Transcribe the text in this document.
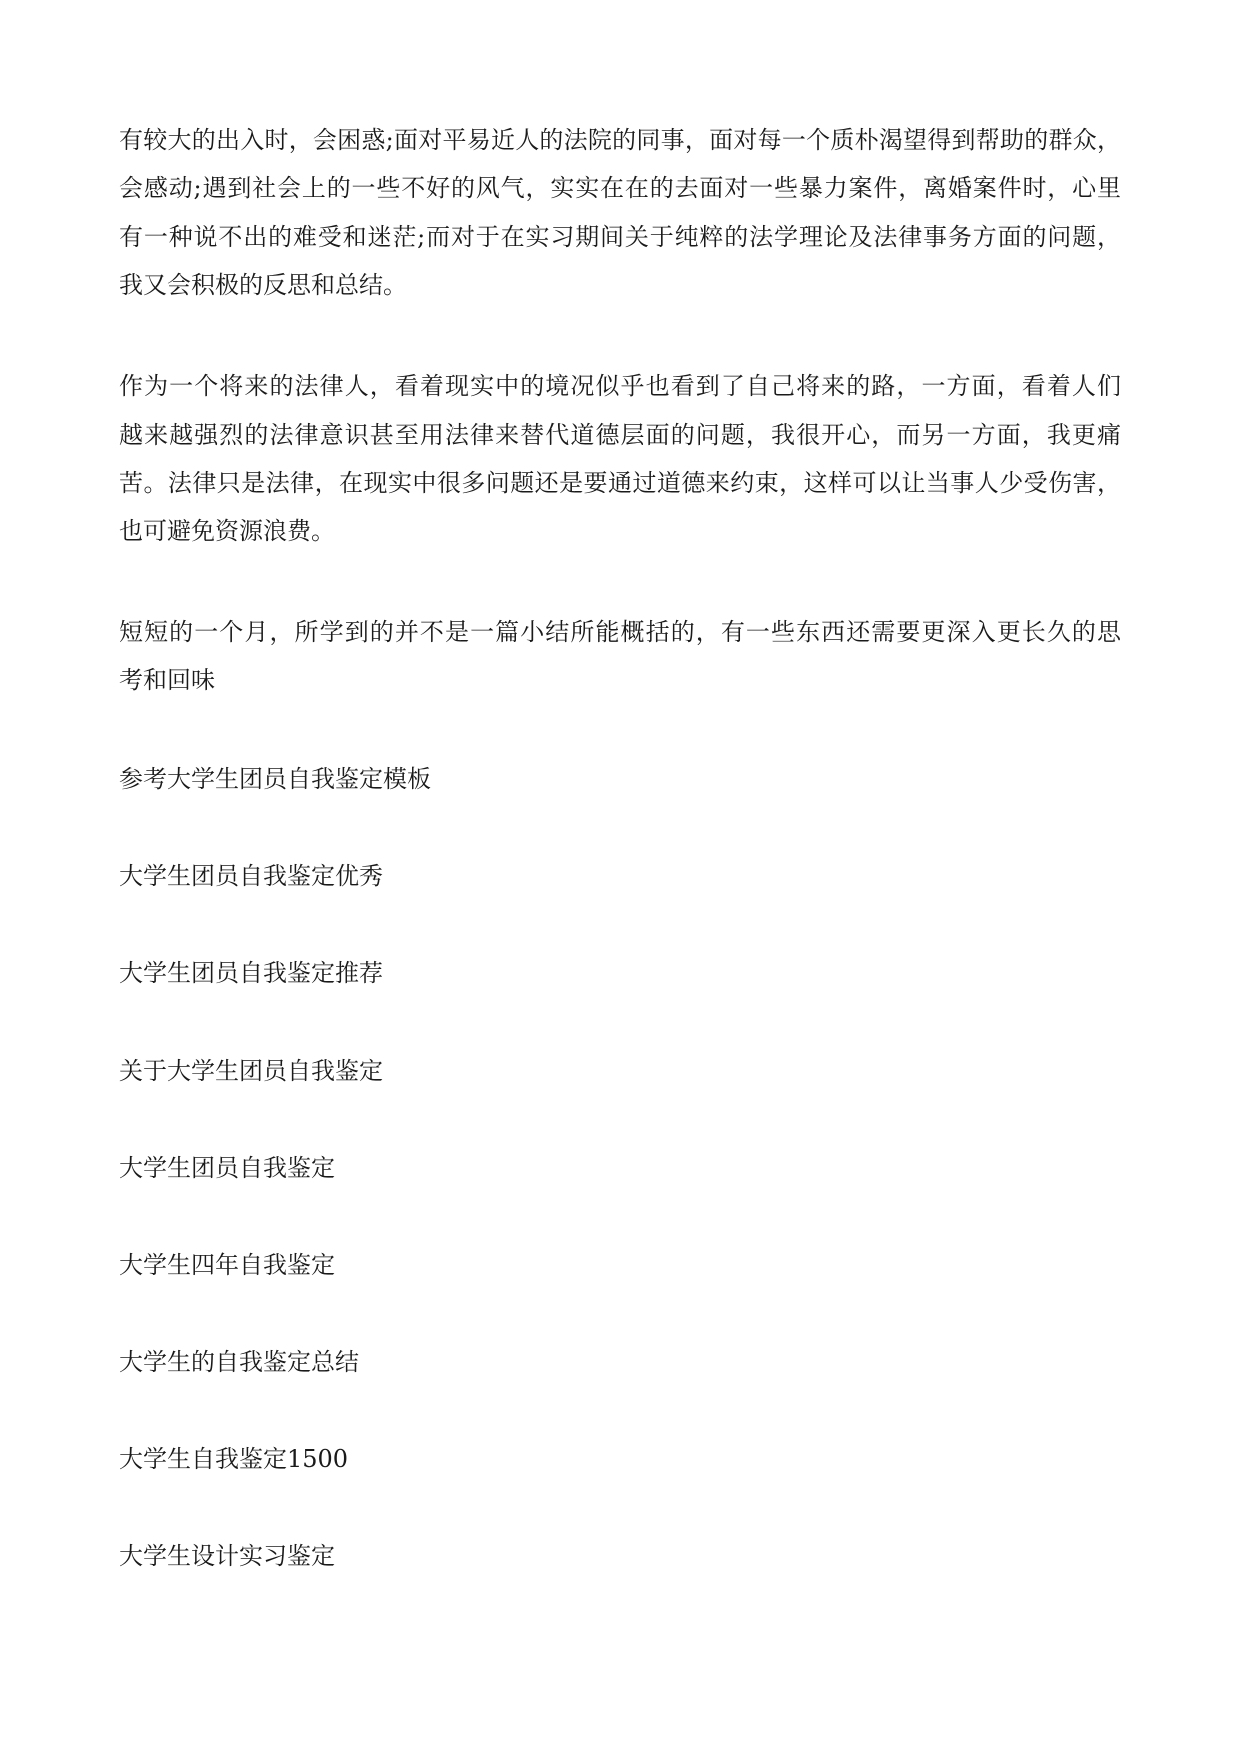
有较大的出入时，会困惑;面对平易近人的法院的同事，面对每一个质朴渴望得到帮助的群众，
会感动;遇到社会上的一些不好的风气，实实在在的去面对一些暴力案件，离婚案件时，心里
有一种说不出的难受和迷茫;而对于在实习期间关于纯粹的法学理论及法律事务方面的问题，
我又会积极的反思和总结。
作为一个将来的法律人，看着现实中的境况似乎也看到了自己将来的路，一方面，看着人们
越来越强烈的法律意识甚至用法律来替代道德层面的问题，我很开心，而另一方面，我更痛
苦。法律只是法律，在现实中很多问题还是要通过道德来约束，这样可以让当事人少受伤害，
也可避免资源浪费。
短短的一个月，所学到的并不是一篇小结所能概括的，有一些东西还需要更深入更长久的思
考和回味
参考大学生团员自我鉴定模板
大学生团员自我鉴定优秀
大学生团员自我鉴定推荐
关于大学生团员自我鉴定
大学生团员自我鉴定
大学生四年自我鉴定
大学生的自我鉴定总结
大学生自我鉴定1500
大学生设计实习鉴定
